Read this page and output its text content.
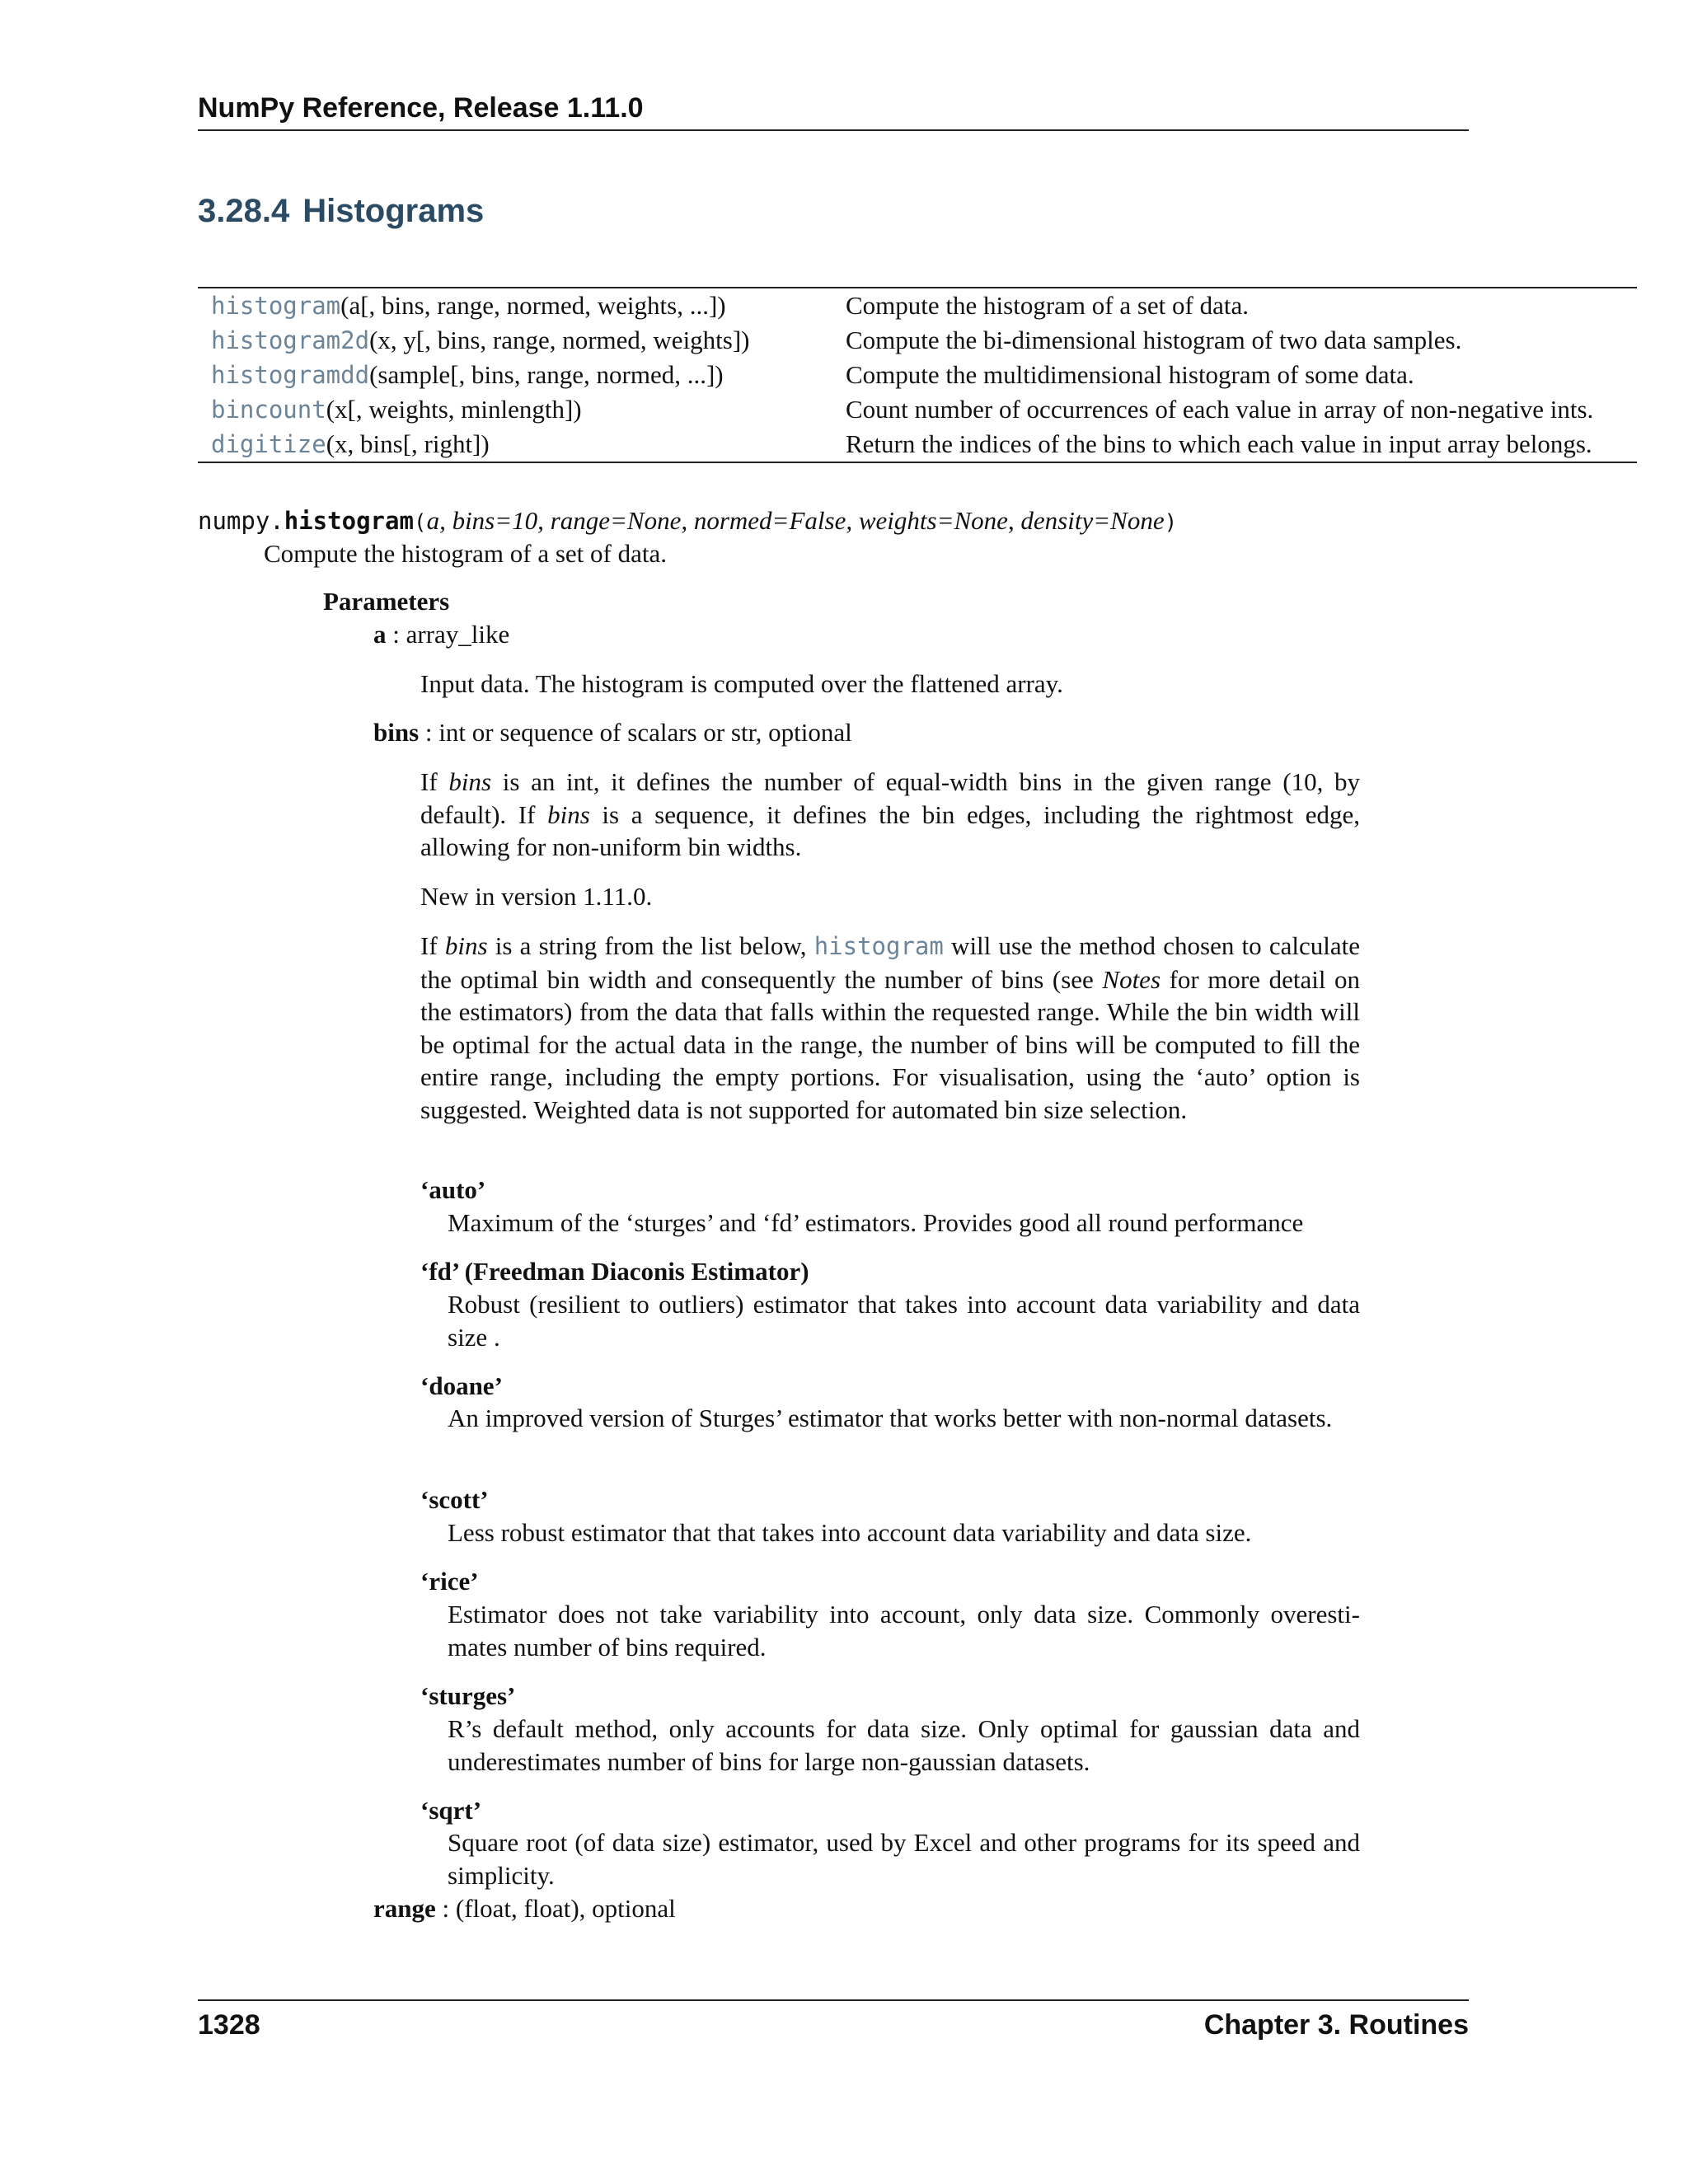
NumPy Reference, Release 1.11.0
3.28.4 Histograms
histogram(a[, bins, range, normed, weights, ...])	Compute the histogram of a set of data.
histogram2d(x, y[, bins, range, normed, weights])	Compute the bi-dimensional histogram of two data samples.
histogramdd(sample[, bins, range, normed, ...])	Compute the multidimensional histogram of some data.
bincount(x[, weights, minlength])	Count number of occurrences of each value in array of non-negative ints.
digitize(x, bins[, right])	Return the indices of the bins to which each value in input array belongs.
numpy.histogram(a, bins=10, range=None, normed=False, weights=None, density=None)
Compute the histogram of a set of data.
Parameters
a : array_like
Input data. The histogram is computed over the flattened array.
bins : int or sequence of scalars or str, optional
If bins is an int, it defines the number of equal-width bins in the given range (10, by default). If bins is a sequence, it defines the bin edges, including the rightmost edge, allowing for non-uniform bin widths.
New in version 1.11.0.
If bins is a string from the list below, histogram will use the method chosen to calculate the optimal bin width and consequently the number of bins (see Notes for more detail on the estimators) from the data that falls within the requested range. While the bin width will be optimal for the actual data in the range, the number of bins will be computed to fill the entire range, including the empty portions. For visualisation, using the ‘auto’ option is suggested. Weighted data is not supported for automated bin size selection.
‘auto’
Maximum of the ‘sturges’ and ‘fd’ estimators. Provides good all round performance
‘fd’ (Freedman Diaconis Estimator)
Robust (resilient to outliers) estimator that takes into account data variability and data size .
‘doane’
An improved version of Sturges’ estimator that works better with non-normal datasets.
‘scott’
Less robust estimator that that takes into account data variability and data size.
‘rice’
Estimator does not take variability into account, only data size. Commonly overesti-mates number of bins required.
‘sturges’
R’s default method, only accounts for data size. Only optimal for gaussian data and underestimates number of bins for large non-gaussian datasets.
‘sqrt’
Square root (of data size) estimator, used by Excel and other programs for its speed and simplicity.
range : (float, float), optional
1328	Chapter 3. Routines
